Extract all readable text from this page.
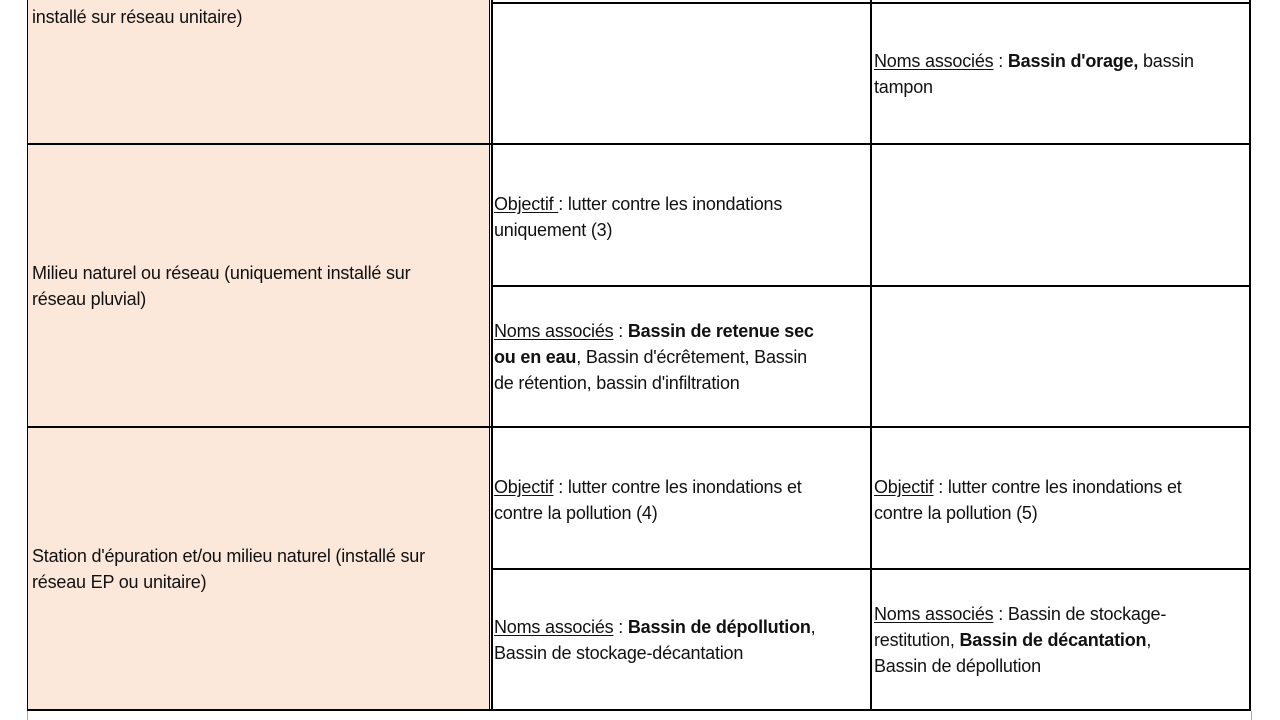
installé sur réseau unitaire)
Noms associés : Bassin d'orage, bassin
tampon
Milieu naturel ou réseau (uniquement installé sur
réseau pluvial)
Objectif : lutter contre les inondations
uniquement (3)
Noms associés : Bassin de retenue sec
ou en eau, Bassin d'écrêtement, Bassin
de rétention, bassin d'infiltration
Station d'épuration et/ou milieu naturel (installé sur
réseau EP ou unitaire)
Objectif : lutter contre les inondations et
contre la pollution (4)
Objectif : lutter contre les inondations et
contre la pollution (5)
Noms associés : Bassin de dépollution,
Bassin de stockage-décantation
Noms associés : Bassin de stockage-
restitution, Bassin de décantation,
Bassin de dépollution
